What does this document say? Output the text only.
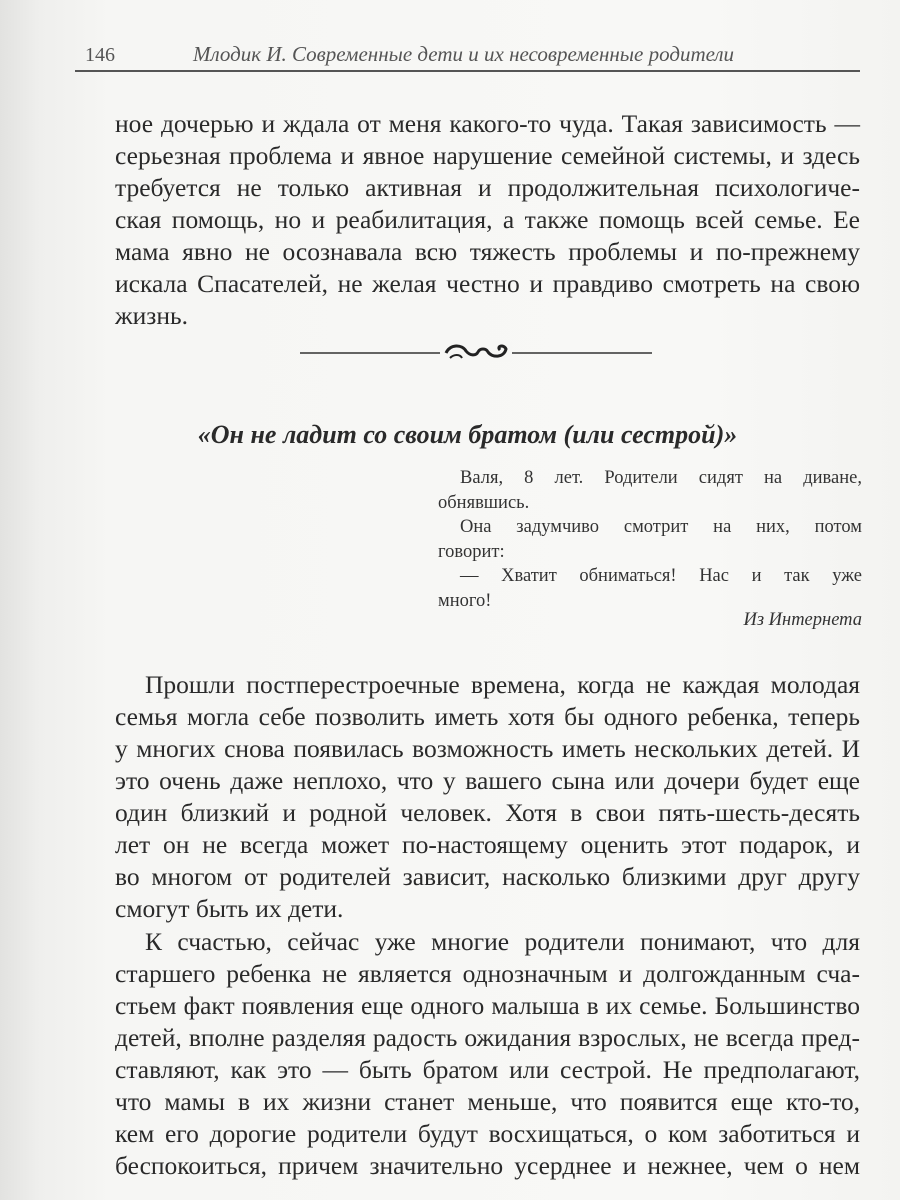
146	Млодик И. Современные дети и их несовременные родители
ное дочерью и ждала от меня какого-то чуда. Такая зависимость —
серьезная проблема и явное нарушение семейной системы, и здесь
требуется не только активная и продолжительная психологиче-
ская помощь, но и реабилитация, а также помощь всей семье. Ее
мама явно не осознавала всю тяжесть проблемы и по-прежнему
искала Спасателей, не желая честно и правдиво смотреть на свою
жизнь.
«Он не ладит со своим братом (или сестрой)»
Валя, 8 лет. Родители сидят на диване,
обнявшись.
Она задумчиво смотрит на них, потом
говорит:
— Хватит обниматься! Нас и так уже
много!
Из Интернета
Прошли постперестроечные времена, когда не каждая молодая
семья могла себе позволить иметь хотя бы одного ребенка, теперь
у многих снова появилась возможность иметь нескольких детей. И
это очень даже неплохо, что у вашего сына или дочери будет еще
один близкий и родной человек. Хотя в свои пять-шесть-десять
лет он не всегда может по-настоящему оценить этот подарок, и
во многом от родителей зависит, насколько близкими друг другу
смогут быть их дети.
К счастью, сейчас уже многие родители понимают, что для
старшего ребенка не является однозначным и долгожданным сча-
стьем факт появления еще одного малыша в их семье. Большинство
детей, вполне разделяя радость ожидания взрослых, не всегда пред-
ставляют, как это — быть братом или сестрой. Не предполагают,
что мамы в их жизни станет меньше, что появится еще кто-то,
кем его дорогие родители будут восхищаться, о ком заботиться и
беспокоиться, причем значительно усерднее и нежнее, чем о нем
